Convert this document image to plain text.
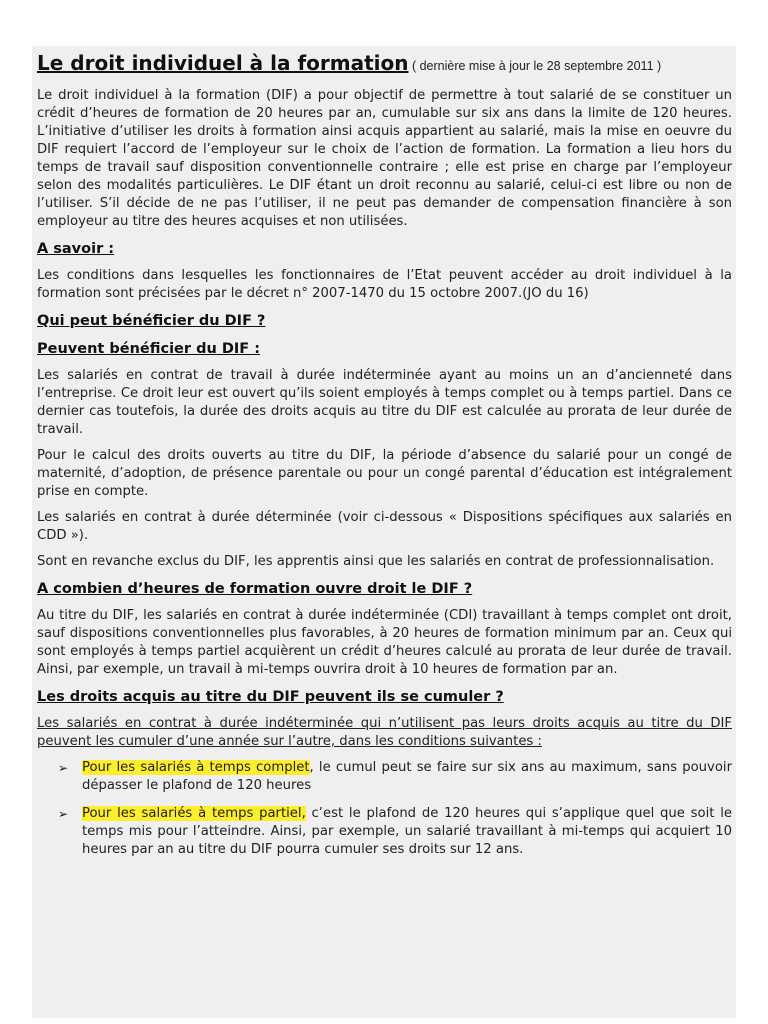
Le droit individuel à la formation ( dernière mise à jour le 28 septembre 2011 )

Le droit individuel à la formation (DIF) a pour objectif de permettre à tout salarié de se constituer un crédit d’heures de formation de 20 heures par an, cumulable sur six ans dans la limite de 120 heures. L’initiative d’utiliser les droits à formation ainsi acquis appartient au salarié, mais la mise en oeuvre du DIF requiert l’accord de l’employeur sur le choix de l’action de formation. La formation a lieu hors du temps de travail sauf disposition conventionnelle contraire ; elle est prise en charge par l’employeur selon des modalités particulières. Le DIF étant un droit reconnu au salarié, celui-ci est libre ou non de l’utiliser. S’il décide de ne pas l’utiliser, il ne peut pas demander de compensation financière à son employeur au titre des heures acquises et non utilisées.

A savoir :

Les conditions dans lesquelles les fonctionnaires de l’Etat peuvent accéder au droit individuel à la formation sont précisées par le décret n° 2007-1470 du 15 octobre 2007.(JO du 16)

Qui peut bénéficier du DIF ?
Peuvent bénéficier du DIF :

Les salariés en contrat de travail à durée indéterminée ayant au moins un an d’ancienneté dans l’entreprise. Ce droit leur est ouvert qu’ils soient employés à temps complet ou à temps partiel. Dans ce dernier cas toutefois, la durée des droits acquis au titre du DIF est calculée au prorata de leur durée de travail.

Pour le calcul des droits ouverts au titre du DIF, la période d’absence du salarié pour un congé de maternité, d’adoption, de présence parentale ou pour un congé parental d’éducation est intégralement prise en compte.

Les salariés en contrat à durée déterminée (voir ci-dessous « Dispositions spécifiques aux salariés en CDD »).

Sont en revanche exclus du DIF, les apprentis ainsi que les salariés en contrat de professionnalisation.

A combien d’heures de formation ouvre droit le DIF ?

Au titre du DIF, les salariés en contrat à durée indéterminée (CDI) travaillant à temps complet ont droit, sauf dispositions conventionnelles plus favorables, à 20 heures de formation minimum par an. Ceux qui sont employés à temps partiel acquièrent un crédit d’heures calculé au prorata de leur durée de travail. Ainsi, par exemple, un travail à mi-temps ouvrira droit à 10 heures de formation par an.

Les droits acquis au titre du DIF peuvent ils se cumuler ?

Les salariés en contrat à durée indéterminée qui n’utilisent pas leurs droits acquis au titre du DIF peuvent les cumuler d’une année sur l’autre, dans les conditions suivantes :

➢ Pour les salariés à temps complet, le cumul peut se faire sur six ans au maximum, sans pouvoir dépasser le plafond de 120 heures
➢ Pour les salariés à temps partiel, c’est le plafond de 120 heures qui s’applique quel que soit le temps mis pour l’atteindre. Ainsi, par exemple, un salarié travaillant à mi-temps qui acquiert 10 heures par an au titre du DIF pourra cumuler ses droits sur 12 ans.
